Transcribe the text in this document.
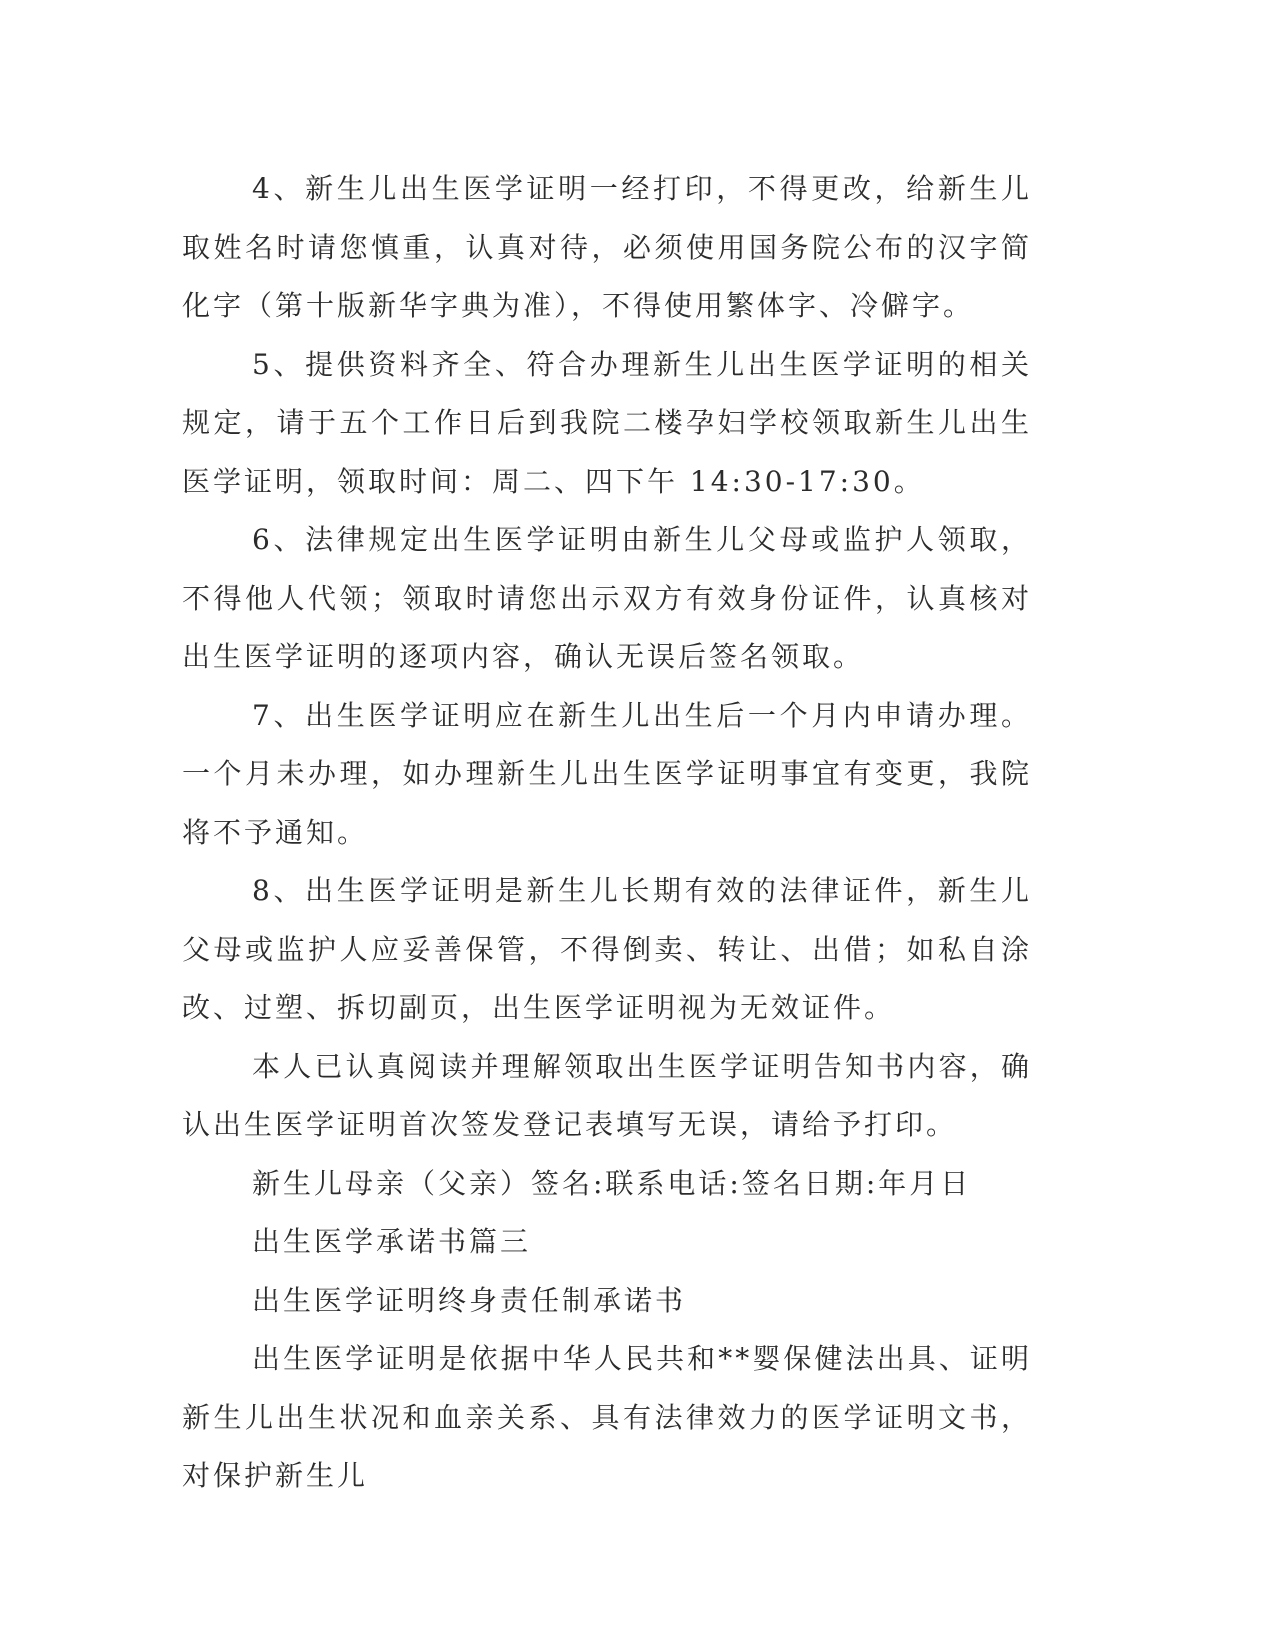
4、新生儿出生医学证明一经打印，不得更改，给新生儿取姓名时请您慎重，认真对待，必须使用国务院公布的汉字简化字（第十版新华字典为准），不得使用繁体字、冷僻字。

5、提供资料齐全、符合办理新生儿出生医学证明的相关规定，请于五个工作日后到我院二楼孕妇学校领取新生儿出生医学证明，领取时间：周二、四下午 14:30-17:30。

6、法律规定出生医学证明由新生儿父母或监护人领取，不得他人代领；领取时请您出示双方有效身份证件，认真核对出生医学证明的逐项内容，确认无误后签名领取。

7、出生医学证明应在新生儿出生后一个月内申请办理。一个月未办理，如办理新生儿出生医学证明事宜有变更，我院将不予通知。

8、出生医学证明是新生儿长期有效的法律证件，新生儿父母或监护人应妥善保管，不得倒卖、转让、出借；如私自涂改、过塑、拆切副页，出生医学证明视为无效证件。

本人已认真阅读并理解领取出生医学证明告知书内容，确认出生医学证明首次签发登记表填写无误，请给予打印。

新生儿母亲（父亲）签名:联系电话:签名日期:年月日

出生医学承诺书篇三

出生医学证明终身责任制承诺书

出生医学证明是依据中华人民共和**婴保健法出具、证明新生儿出生状况和血亲关系、具有法律效力的医学证明文书，对保护新生儿
